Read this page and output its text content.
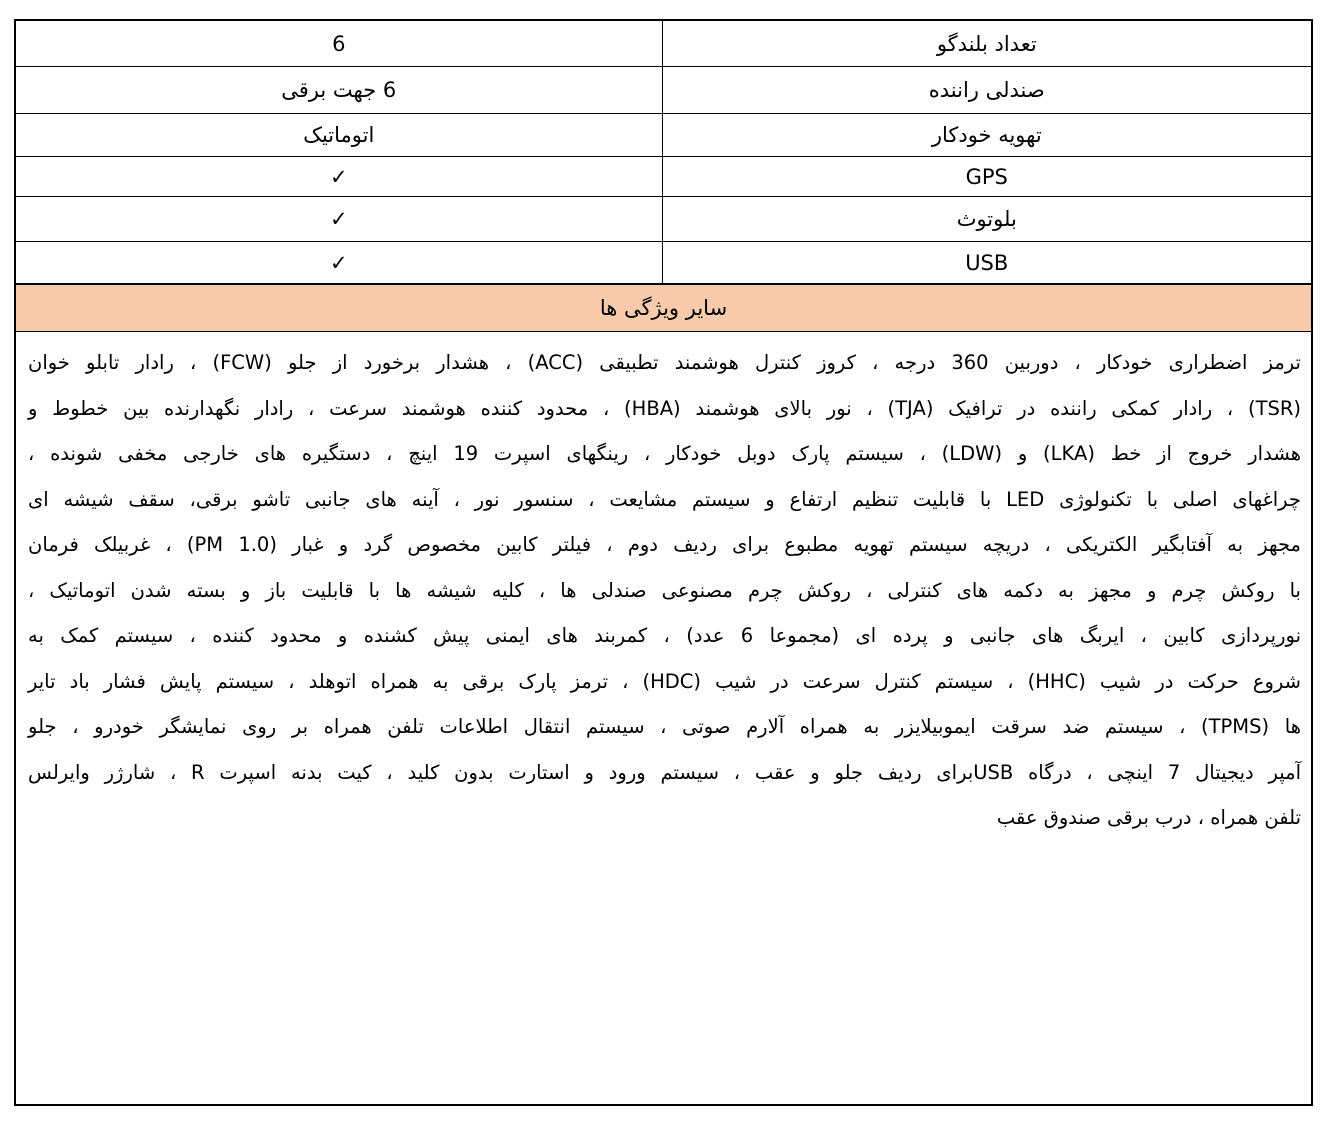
تعداد بلندگو	6
صندلی راننده	6 جهت برقی
تهویه خودکار	اتوماتیک
GPS	✓
بلوتوث	✓
USB	✓
سایر ویژگی ها
ترمز اضطراری خودکار ، دوربین 360 درجه ، کروز کنترل هوشمند تطبیقی (ACC) ، هشدار برخورد از جلو (FCW) ، رادار تابلو خوان
(TSR) ، رادار کمکی راننده در ترافیک (TJA) ، نور بالای هوشمند (HBA) ، محدود کننده هوشمند سرعت ، رادار نگهدارنده بین خطوط و
هشدار خروج از خط (LKA) و (LDW) ، سیستم پارک دوبل خودکار ، رینگهای اسپرت 19 اینچ ، دستگیره های خارجی مخفی شونده ،
چراغهای اصلی با تکنولوژی LED با قابلیت تنظیم ارتفاع و سیستم مشایعت ، سنسور نور ، آینه های جانبی تاشو برقی، سقف شیشه ای
مجهز به آفتابگیر الکتریکی ، دریچه سیستم تهویه مطبوع برای ردیف دوم ، فیلتر کابین مخصوص گرد و غبار (PM 1.0) ، غربیلک فرمان
با روکش چرم و مجهز به دکمه های کنترلی ، روکش چرم مصنوعی صندلی ها ، کلیه شیشه ها با قابلیت باز و بسته شدن اتوماتیک ،
نورپردازی کابین ، ایربگ های جانبی و پرده ای (مجموعا 6 عدد) ، کمربند های ایمنی پیش کشنده و محدود کننده ، سیستم کمک به
شروع حرکت در شیب (HHC) ، سیستم کنترل سرعت در شیب (HDC) ، ترمز پارک برقی به همراه اتوهلد ، سیستم پایش فشار باد تایر
ها (TPMS) ، سیستم ضد سرقت ایموبیلایزر به همراه آلارم صوتی ، سیستم انتقال اطلاعات تلفن همراه بر روی نمایشگر خودرو ، جلو
آمپر دیجیتال 7 اینچی ، درگاه USBبرای ردیف جلو و عقب ، سیستم ورود و استارت بدون کلید ، کیت بدنه اسپرت R ، شارژر وایرلس
تلفن همراه ، درب برقی صندوق عقب
